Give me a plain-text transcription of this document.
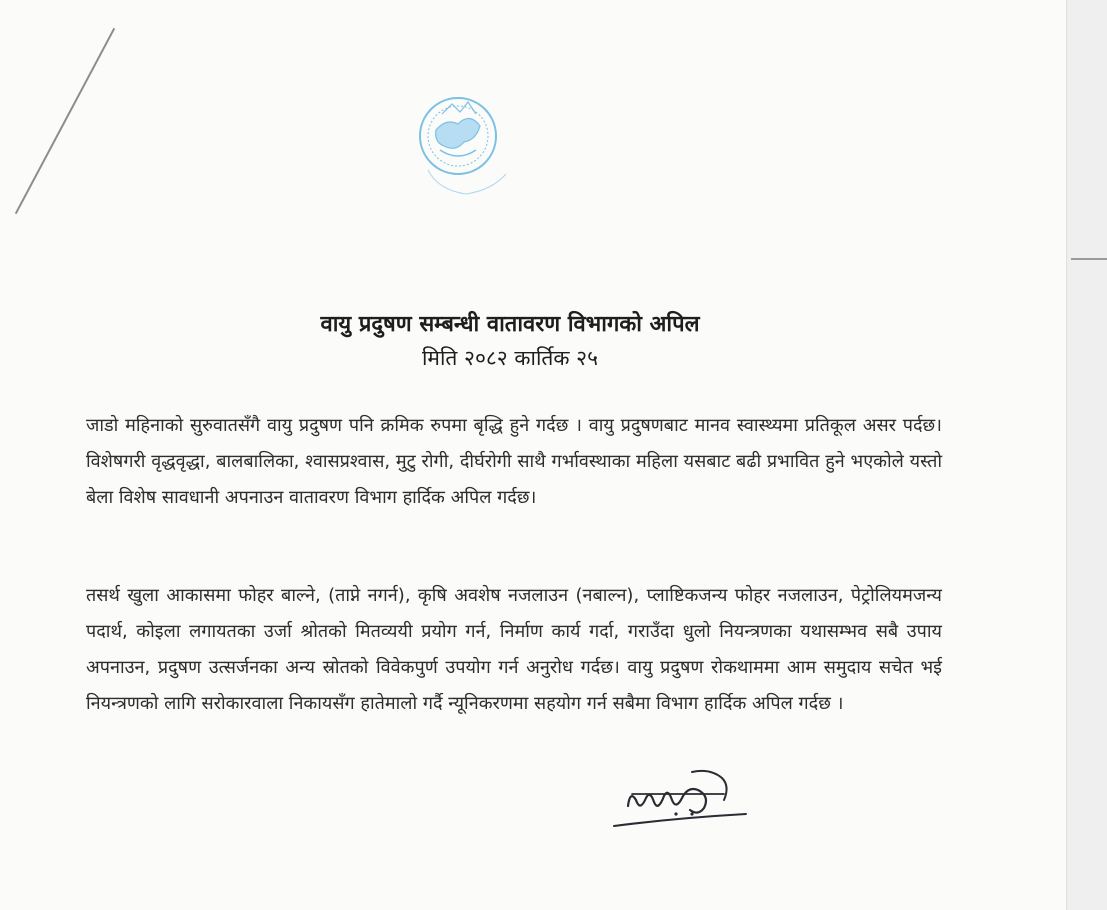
वायु प्रदुषण सम्बन्धी वातावरण विभागको अपिल
मिति २०८२ कार्तिक २५
जाडो महिनाको सुरुवातसँगै वायु प्रदुषण पनि क्रमिक रुपमा बृद्धि हुने गर्दछ । वायु प्रदुषणबाट मानव स्वास्थ्यमा प्रतिकूल असर पर्दछ। विशेषगरी वृद्धवृद्धा, बालबालिका, श्वासप्रश्वास, मुटु रोगी, दीर्घरोगी साथै गर्भावस्थाका महिला यसबाट बढी प्रभावित हुने भएकोले यस्तो बेला विशेष सावधानी अपनाउन वातावरण विभाग हार्दिक अपिल गर्दछ।
तसर्थ खुला आकासमा फोहर बाल्ने, (ताप्ने नगर्न), कृषि अवशेष नजलाउन (नबाल्न), प्लाष्टिकजन्य फोहर नजलाउन, पेट्रोलियमजन्य पदार्थ, कोइला लगायतका उर्जा श्रोतको मितव्ययी प्रयोग गर्न, निर्माण कार्य गर्दा, गराउँदा धुलो नियन्त्रणका यथासम्भव सबै उपाय अपनाउन, प्रदुषण उत्सर्जनका अन्य स्रोतको विवेकपुर्ण उपयोग गर्न अनुरोध गर्दछ। वायु प्रदुषण रोकथाममा आम समुदाय सचेत भई नियन्त्रणको लागि सरोकारवाला निकायसँग हातेमालो गर्दै न्यूनिकरणमा सहयोग गर्न सबैमा विभाग हार्दिक अपिल गर्दछ ।
